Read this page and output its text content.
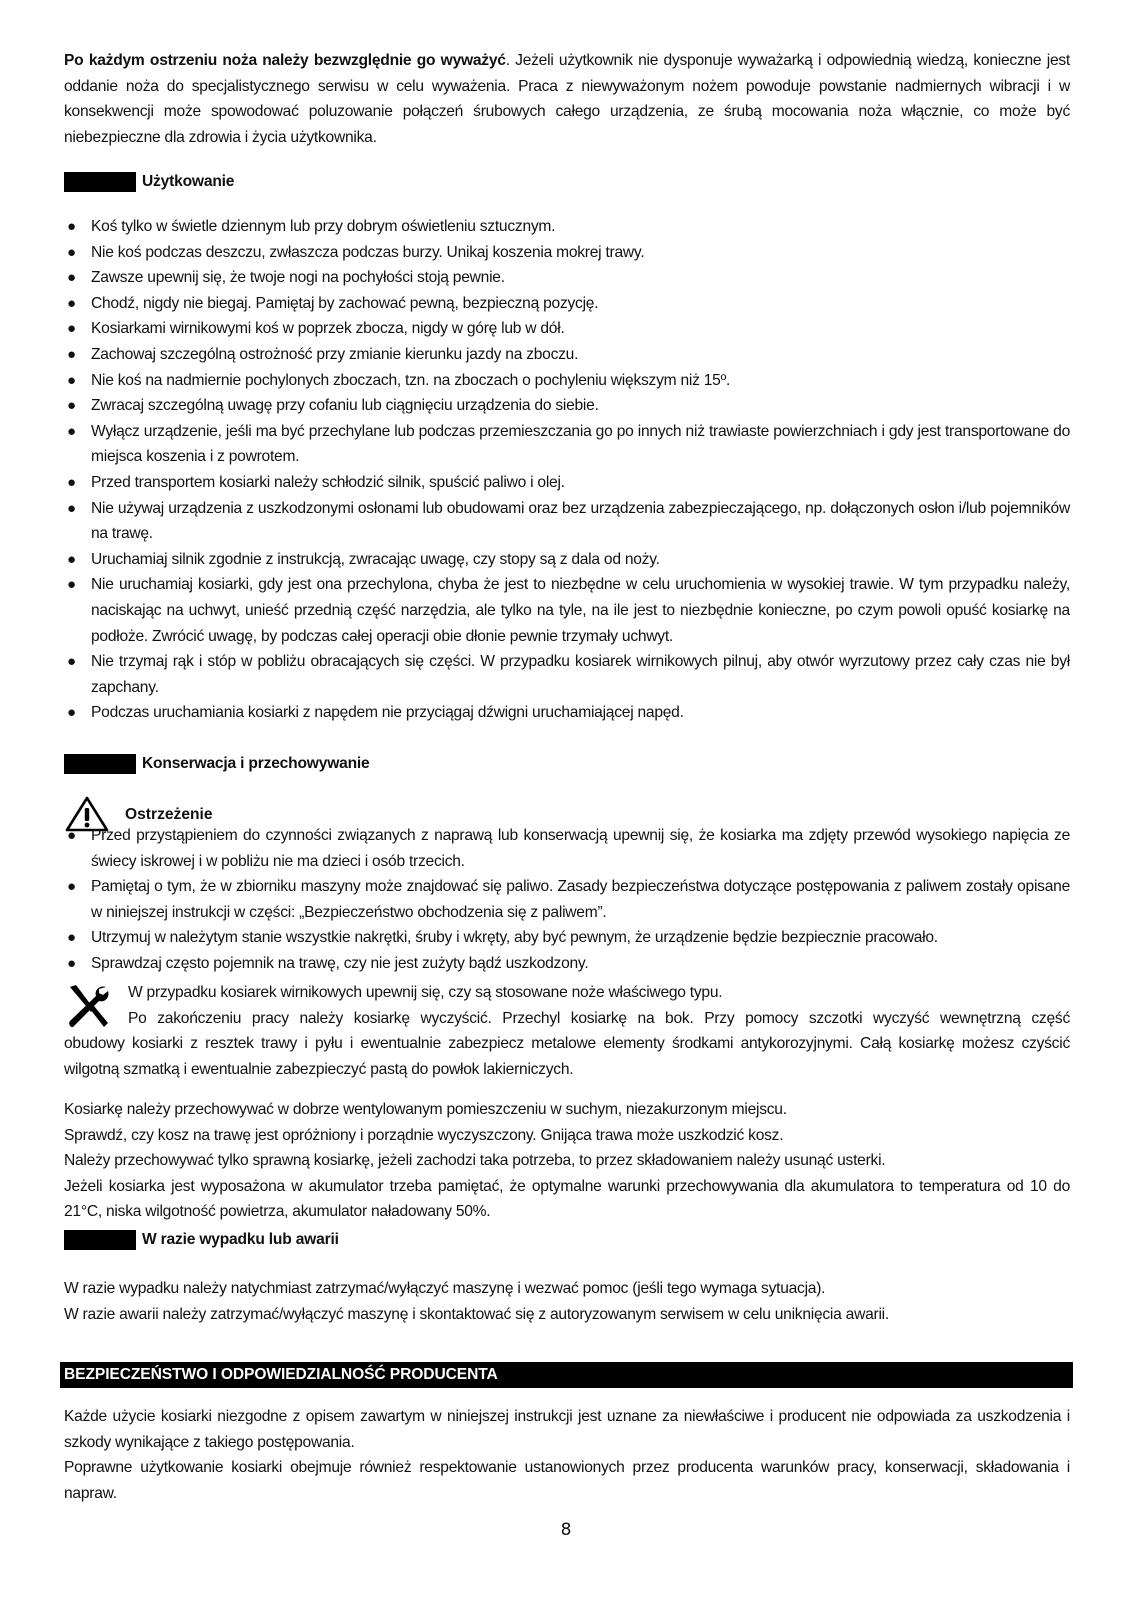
Po każdym ostrzeniu noża należy bezwzględnie go wyważyć. Jeżeli użytkownik nie dysponuje wyważarką i odpowiednią wiedzą, konieczne jest oddanie noża do specjalistycznego serwisu w celu wyważenia. Praca z niewyważonym nożem powoduje powstanie nadmiernych wibracji i w konsekwencji może spowodować poluzowanie połączeń śrubowych całego urządzenia, ze śrubą mocowania noża włącznie, co może być niebezpieczne dla zdrowia i życia użytkownika.

Użytkowanie
● Koś tylko w świetle dziennym lub przy dobrym oświetleniu sztucznym.
● Nie koś podczas deszczu, zwłaszcza podczas burzy. Unikaj koszenia mokrej trawy.
● Zawsze upewnij się, że twoje nogi na pochyłości stoją pewnie.
● Chodź, nigdy nie biegaj. Pamiętaj by zachować pewną, bezpieczną pozycję.
● Kosiarkami wirnikowymi koś w poprzek zbocza, nigdy w górę lub w dół.
● Zachowaj szczególną ostrożność przy zmianie kierunku jazdy na zboczu.
● Nie koś na nadmiernie pochylonych zboczach, tzn. na zboczach o pochyleniu większym niż 15º.
● Zwracaj szczególną uwagę przy cofaniu lub ciągnięciu urządzenia do siebie.
● Wyłącz urządzenie, jeśli ma być przechylane lub podczas przemieszczania go po innych niż trawiaste powierzchniach i gdy jest transportowane do miejsca koszenia i z powrotem.
● Przed transportem kosiarki należy schłodzić silnik, spuścić paliwo i olej.
● Nie używaj urządzenia z uszkodzonymi osłonami lub obudowami oraz bez urządzenia zabezpieczającego, np. dołączonych osłon i/lub pojemników na trawę.
● Uruchamiaj silnik zgodnie z instrukcją, zwracając uwagę, czy stopy są z dala od noży.
● Nie uruchamiaj kosiarki, gdy jest ona przechylona, chyba że jest to niezbędne w celu uruchomienia w wysokiej trawie. W tym przypadku należy, naciskając na uchwyt, unieść przednią część narzędzia, ale tylko na tyle, na ile jest to niezbędnie konieczne, po czym powoli opuść kosiarkę na podłoże. Zwrócić uwagę, by podczas całej operacji obie dłonie pewnie trzymały uchwyt.
● Nie trzymaj rąk i stóp w pobliżu obracających się części. W przypadku kosiarek wirnikowych pilnuj, aby otwór wyrzutowy przez cały czas nie był zapchany.
● Podczas uruchamiania kosiarki z napędem nie przyciągaj dźwigni uruchamiającej napęd.
Konserwacja i przechowywanie
Ostrzeżenie
● Przed przystąpieniem do czynności związanych z naprawą lub konserwacją upewnij się, że kosiarka ma zdjęty przewód wysokiego napięcia ze świecy iskrowej i w pobliżu nie ma dzieci i osób trzecich.
● Pamiętaj o tym, że w zbiorniku maszyny może znajdować się paliwo. Zasady bezpieczeństwa dotyczące postępowania z paliwem zostały opisane w niniejszej instrukcji w części: „Bezpieczeństwo obchodzenia się z paliwem”.
● Utrzymuj w należytym stanie wszystkie nakrętki, śruby i wkręty, aby być pewnym, że urządzenie będzie bezpiecznie pracowało.
● Sprawdzaj często pojemnik na trawę, czy nie jest zużyty bądź uszkodzony.

W przypadku kosiarek wirnikowych upewnij się, czy są stosowane noże właściwego typu.
Po zakończeniu pracy należy kosiarkę wyczyścić. Przechyl kosiarkę na bok. Przy pomocy szczotki wyczyść wewnętrzną część
obudowy kosiarki z resztek trawy i pyłu i ewentualnie zabezpiecz metalowe elementy środkami antykorozyjnymi. Całą kosiarkę możesz czyścić wilgotną szmatką i ewentualnie zabezpieczyć pastą do powłok lakierniczych.

Kosiarkę należy przechowywać w dobrze wentylowanym pomieszczeniu w suchym, niezakurzonym miejscu.
Sprawdź, czy kosz na trawę jest opróżniony i porządnie wyczyszczony. Gnijąca trawa może uszkodzić kosz.
Należy przechowywać tylko sprawną kosiarkę, jeżeli zachodzi taka potrzeba, to przez składowaniem należy usunąć usterki.
Jeżeli kosiarka jest wyposażona w akumulator trzeba pamiętać, że optymalne warunki przechowywania dla akumulatora to temperatura od 10 do 21°C, niska wilgotność powietrza, akumulator naładowany 50%.
W razie wypadku lub awarii
W razie wypadku należy natychmiast zatrzymać/wyłączyć maszynę i wezwać pomoc (jeśli tego wymaga sytuacja).
W razie awarii należy zatrzymać/wyłączyć maszynę i skontaktować się z autoryzowanym serwisem w celu uniknięcia awarii.
BEZPIECZEŃSTWO I ODPOWIEDZIALNOŚĆ PRODUCENTA
Każde użycie kosiarki niezgodne z opisem zawartym w niniejszej instrukcji jest uznane za niewłaściwe i producent nie odpowiada za uszkodzenia i szkody wynikające z takiego postępowania.
Poprawne użytkowanie kosiarki obejmuje również respektowanie ustanowionych przez producenta warunków pracy, konserwacji, składowania i napraw.
8
